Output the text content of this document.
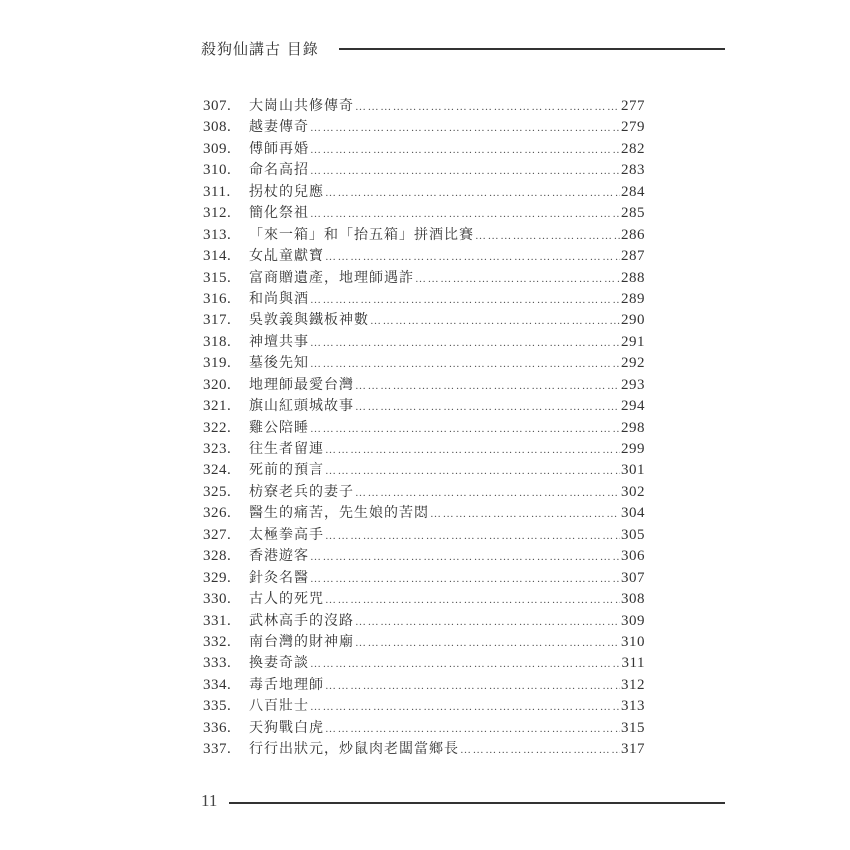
殺狗仙講古 目錄
307.	大崗山共修傳奇 ……………………………………………………………………………………………………………………………………………………	277
308.	越妻傳奇 ……………………………………………………………………………………………………………………………………………………	279
309.	傅師再婚 ……………………………………………………………………………………………………………………………………………………	282
310.	命名高招 ……………………………………………………………………………………………………………………………………………………	283
311.	拐杖的兒應 ……………………………………………………………………………………………………………………………………………………	284
312.	簡化祭祖 ……………………………………………………………………………………………………………………………………………………	285
313.	「來一箱」和「抬五箱」拼酒比賽 ……………………………………………………………………………………………………………………………………………………	286
314.	女乩童獻寶 ……………………………………………………………………………………………………………………………………………………	287
315.	富商贈遺產，地理師遇詐 ……………………………………………………………………………………………………………………………………………………	288
316.	和尚與酒 ……………………………………………………………………………………………………………………………………………………	289
317.	吳敦義與鐵板神數 ……………………………………………………………………………………………………………………………………………………	290
318.	神壇共事 ……………………………………………………………………………………………………………………………………………………	291
319.	墓後先知 ……………………………………………………………………………………………………………………………………………………	292
320.	地理師最愛台灣 ……………………………………………………………………………………………………………………………………………………	293
321.	旗山紅頭城故事 ……………………………………………………………………………………………………………………………………………………	294
322.	雞公陪睡 ……………………………………………………………………………………………………………………………………………………	298
323.	往生者留連 ……………………………………………………………………………………………………………………………………………………	299
324.	死前的預言 ……………………………………………………………………………………………………………………………………………………	301
325.	枋寮老兵的妻子 ……………………………………………………………………………………………………………………………………………………	302
326.	醫生的痛苦，先生娘的苦悶 ……………………………………………………………………………………………………………………………………………………	304
327.	太極拳高手 ……………………………………………………………………………………………………………………………………………………	305
328.	香港遊客 ……………………………………………………………………………………………………………………………………………………	306
329.	針灸名醫 ……………………………………………………………………………………………………………………………………………………	307
330.	古人的死咒 ……………………………………………………………………………………………………………………………………………………	308
331.	武林高手的沒路 ……………………………………………………………………………………………………………………………………………………	309
332.	南台灣的財神廟 ……………………………………………………………………………………………………………………………………………………	310
333.	換妻奇談 ……………………………………………………………………………………………………………………………………………………	311
334.	毒舌地理師 ……………………………………………………………………………………………………………………………………………………	312
335.	八百壯士 ……………………………………………………………………………………………………………………………………………………	313
336.	天狗戰白虎 ……………………………………………………………………………………………………………………………………………………	315
337.	行行出狀元，炒鼠肉老闆當鄉長 ……………………………………………………………………………………………………………………………………………………	317
11
